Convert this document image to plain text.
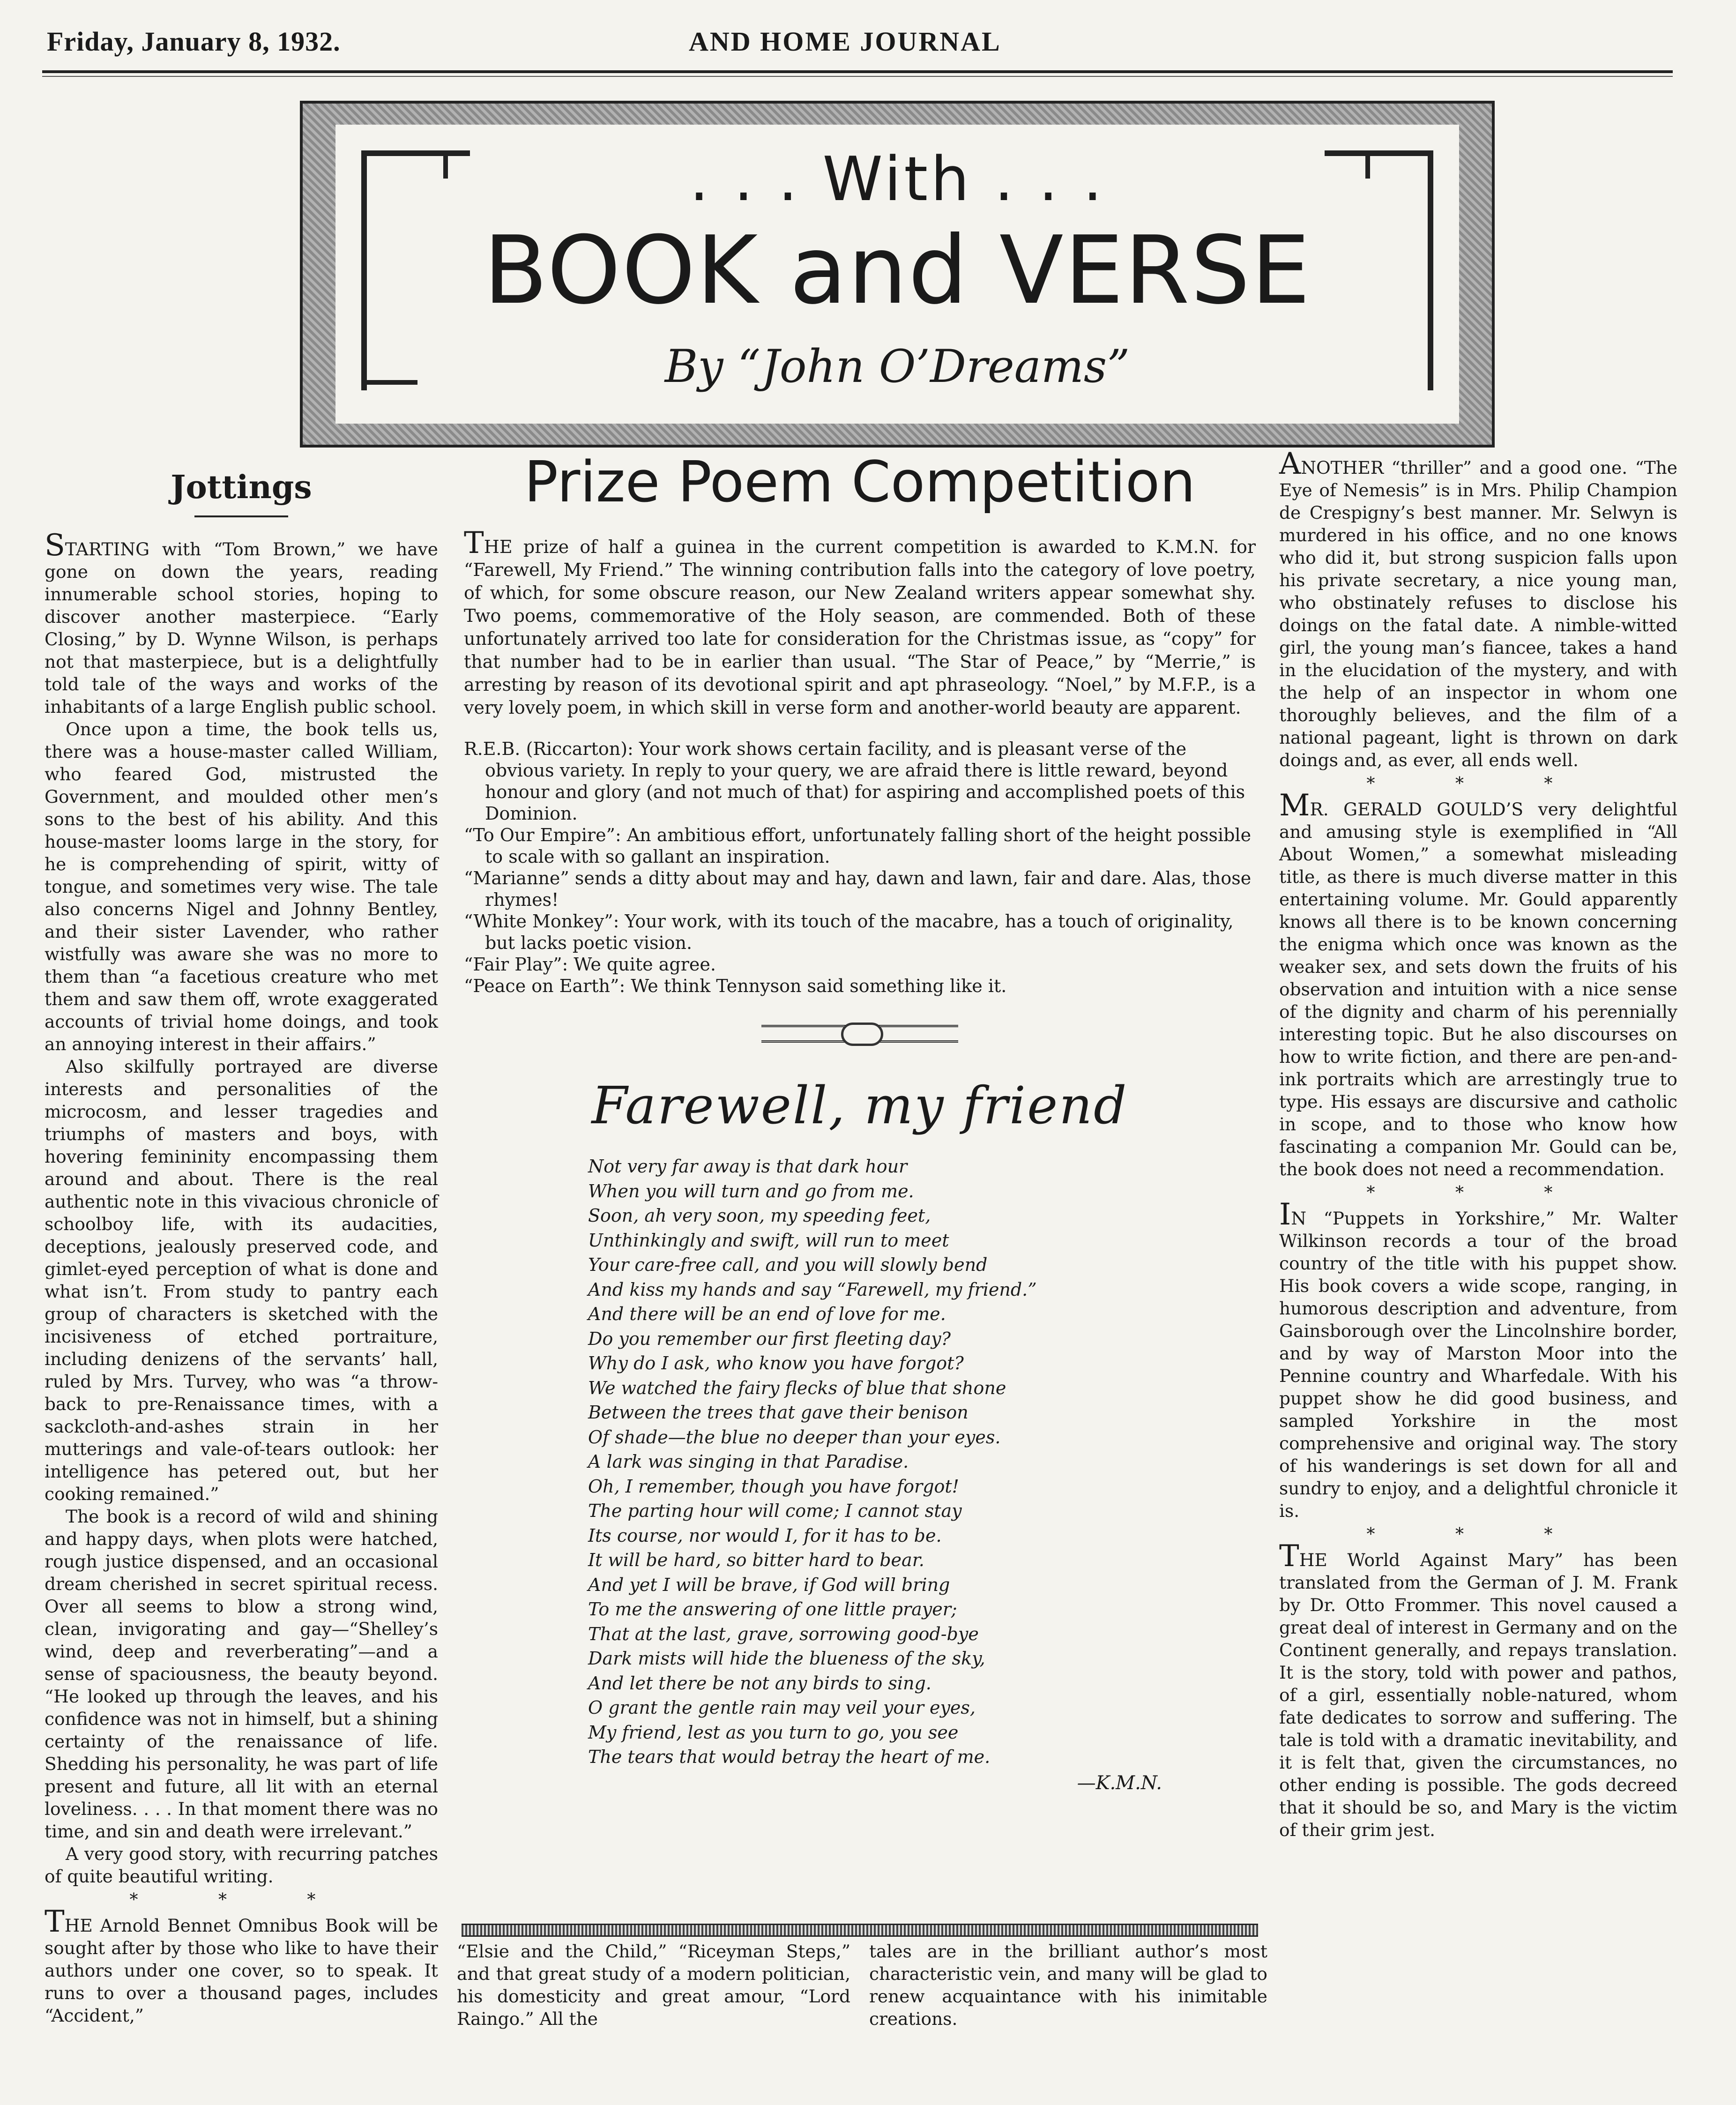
Friday, January 8, 1932.	AND HOME JOURNAL
. . . With . . .
BOOK and VERSE
By “John O’Dreams”
Jottings

STARTING with “Tom Brown,” we have gone on down the years, reading innumerable school stories, hoping to discover another masterpiece. “Early Closing,” by D. Wynne Wilson, is perhaps not that masterpiece, but is a delightfully told tale of the ways and works of the inhabitants of a large English public school.

Once upon a time, the book tells us, there was a house-master called William, who feared God, mistrusted the Government, and moulded other men’s sons to the best of his ability. And this house-master looms large in the story, for he is comprehending of spirit, witty of tongue, and sometimes very wise. The tale also concerns Nigel and Johnny Bentley, and their sister Lavender, who rather wistfully was aware she was no more to them than “a facetious creature who met them and saw them off, wrote exaggerated accounts of trivial home doings, and took an annoying interest in their affairs.”

Also skilfully portrayed are diverse interests and personalities of the microcosm, and lesser tragedies and triumphs of masters and boys, with hovering femininity encompassing them around and about. There is the real authentic note in this vivacious chronicle of schoolboy life, with its audacities, deceptions, jealously preserved code, and gimlet-eyed perception of what is done and what isn’t. From study to pantry each group of characters is sketched with the incisiveness of etched portraiture, including denizens of the servants’ hall, ruled by Mrs. Turvey, who was “a throw-back to pre-Renaissance times, with a sackcloth-and-ashes strain in her mutterings and vale-of-tears outlook: her intelligence has petered out, but her cooking remained.”

The book is a record of wild and shining and happy days, when plots were hatched, rough justice dispensed, and an occasional dream cherished in secret spiritual recess. Over all seems to blow a strong wind, clean, invigorating and gay—“Shelley’s wind, deep and reverberating”—and a sense of spaciousness, the beauty beyond. “He looked up through the leaves, and his confidence was not in himself, but a shining certainty of the renaissance of life. Shedding his personality, he was part of life present and future, all lit with an eternal loveliness. . . . In that moment there was no time, and sin and death were irrelevant.”

A very good story, with recurring patches of quite beautiful writing.

* * *

THE Arnold Bennet Omnibus Book will be sought after by those who like to have their authors under one cover, so to speak. It runs to over a thousand pages, includes “Accident,”

Prize Poem Competition

THE prize of half a guinea in the current competition is awarded to K.M.N. for “Farewell, My Friend.” The winning contribution falls into the category of love poetry, of which, for some obscure reason, our New Zealand writers appear somewhat shy. Two poems, commemorative of the Holy season, are commended. Both of these unfortunately arrived too late for consideration for the Christmas issue, as “copy” for that number had to be in earlier than usual. “The Star of Peace,” by “Merrie,” is arresting by reason of its devotional spirit and apt phraseology. “Noel,” by M.F.P., is a very lovely poem, in which skill in verse form and another-world beauty are apparent.

R.E.B. (Riccarton): Your work shows certain facility, and is pleasant verse of the obvious variety. In reply to your query, we are afraid there is little reward, beyond honour and glory (and not much of that) for aspiring and accomplished poets of this Dominion.

“To Our Empire”: An ambitious effort, unfortunately falling short of the height possible to scale with so gallant an inspiration.

“Marianne” sends a ditty about may and hay, dawn and lawn, fair and dare. Alas, those rhymes!

“White Monkey”: Your work, with its touch of the macabre, has a touch of originality, but lacks poetic vision.

“Fair Play”: We quite agree.

“Peace on Earth”: We think Tennyson said something like it.

Farewell, my friend
Not very far away is that dark hour
When you will turn and go from me.
Soon, ah very soon, my speeding feet,
Unthinkingly and swift, will run to meet
Your care-free call, and you will slowly bend
And kiss my hands and say “Farewell, my friend.”
And there will be an end of love for me.
Do you remember our first fleeting day?
Why do I ask, who know you have forgot?
We watched the fairy flecks of blue that shone
Between the trees that gave their benison
Of shade—the blue no deeper than your eyes.
A lark was singing in that Paradise.
Oh, I remember, though you have forgot!
The parting hour will come; I cannot stay
Its course, nor would I, for it has to be.
It will be hard, so bitter hard to bear.
And yet I will be brave, if God will bring
To me the answering of one little prayer;
That at the last, grave, sorrowing good-bye
Dark mists will hide the blueness of the sky,
And let there be not any birds to sing.
O grant the gentle rain may veil your eyes,
My friend, lest as you turn to go, you see
The tears that would betray the heart of me.
—K.M.N.
“Elsie and the Child,” “Riceyman Steps,” and that great study of a modern politician, his domesticity and great amour, “Lord Raingo.” All the
tales are in the brilliant author’s most characteristic vein, and many will be glad to renew acquaintance with his inimitable creations.

ANOTHER “thriller” and a good one. “The Eye of Nemesis” is in Mrs. Philip Champion de Crespigny’s best manner. Mr. Selwyn is murdered in his office, and no one knows who did it, but strong suspicion falls upon his private secretary, a nice young man, who obstinately refuses to disclose his doings on the fatal date. A nimble-witted girl, the young man’s fiancee, takes a hand in the elucidation of the mystery, and with the help of an inspector in whom one thoroughly believes, and the film of a national pageant, light is thrown on dark doings and, as ever, all ends well.

* * *

MR. GERALD GOULD’S very delightful and amusing style is exemplified in “All About Women,” a somewhat misleading title, as there is much diverse matter in this entertaining volume. Mr. Gould apparently knows all there is to be known concerning the enigma which once was known as the weaker sex, and sets down the fruits of his observation and intuition with a nice sense of the dignity and charm of his perennially interesting topic. But he also discourses on how to write fiction, and there are pen-and-ink portraits which are arrestingly true to type. His essays are discursive and catholic in scope, and to those who know how fascinating a companion Mr. Gould can be, the book does not need a recommendation.

* * *

IN “Puppets in Yorkshire,” Mr. Walter Wilkinson records a tour of the broad country of the title with his puppet show. His book covers a wide scope, ranging, in humorous description and adventure, from Gainsborough over the Lincolnshire border, and by way of Marston Moor into the Pennine country and Wharfedale. With his puppet show he did good business, and sampled Yorkshire in the most comprehensive and original way. The story of his wanderings is set down for all and sundry to enjoy, and a delightful chronicle it is.

* * *

THE World Against Mary” has been translated from the German of J. M. Frank by Dr. Otto Frommer. This novel caused a great deal of interest in Germany and on the Continent generally, and repays translation. It is the story, told with power and pathos, of a girl, essentially noble-natured, whom fate dedicates to sorrow and suffering. The tale is told with a dramatic inevitability, and it is felt that, given the circumstances, no other ending is possible. The gods decreed that it should be so, and Mary is the victim of their grim jest.
